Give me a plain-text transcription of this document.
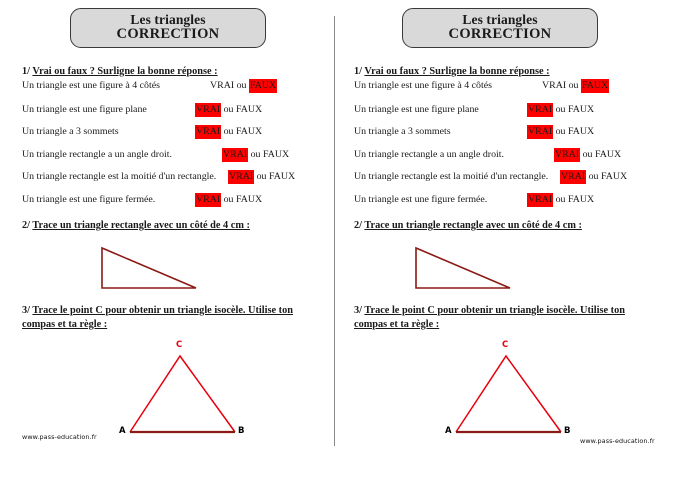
Les triangles
CORRECTION
1/ Vrai ou faux ? Surligne la bonne réponse :
Un triangle est une figure à 4 côtés	VRAI ou FAUX
Un triangle est une figure plane	VRAI ou FAUX
Un triangle a 3 sommets	VRAI ou FAUX
Un triangle rectangle a un angle droit.	VRAI ou FAUX
Un triangle rectangle est la moitié d'un rectangle. VRAI ou FAUX
Un triangle est une figure fermée.	VRAI ou FAUX
2/ Trace un triangle rectangle avec un côté de 4 cm :
3/ Trace le point C pour obtenir un triangle isocèle. Utilise ton compas et ta règle :
C
A	B
www.pass-education.fr
Les triangles
CORRECTION
1/ Vrai ou faux ? Surligne la bonne réponse :
Un triangle est une figure à 4 côtés	VRAI ou FAUX
Un triangle est une figure plane	VRAI ou FAUX
Un triangle a 3 sommets	VRAI ou FAUX
Un triangle rectangle a un angle droit.	VRAI ou FAUX
Un triangle rectangle est la moitié d'un rectangle. VRAI ou FAUX
Un triangle est une figure fermée.	VRAI ou FAUX
2/ Trace un triangle rectangle avec un côté de 4 cm :
3/ Trace le point C pour obtenir un triangle isocèle. Utilise ton compas et ta règle :
C
A	B
www.pass-education.fr
